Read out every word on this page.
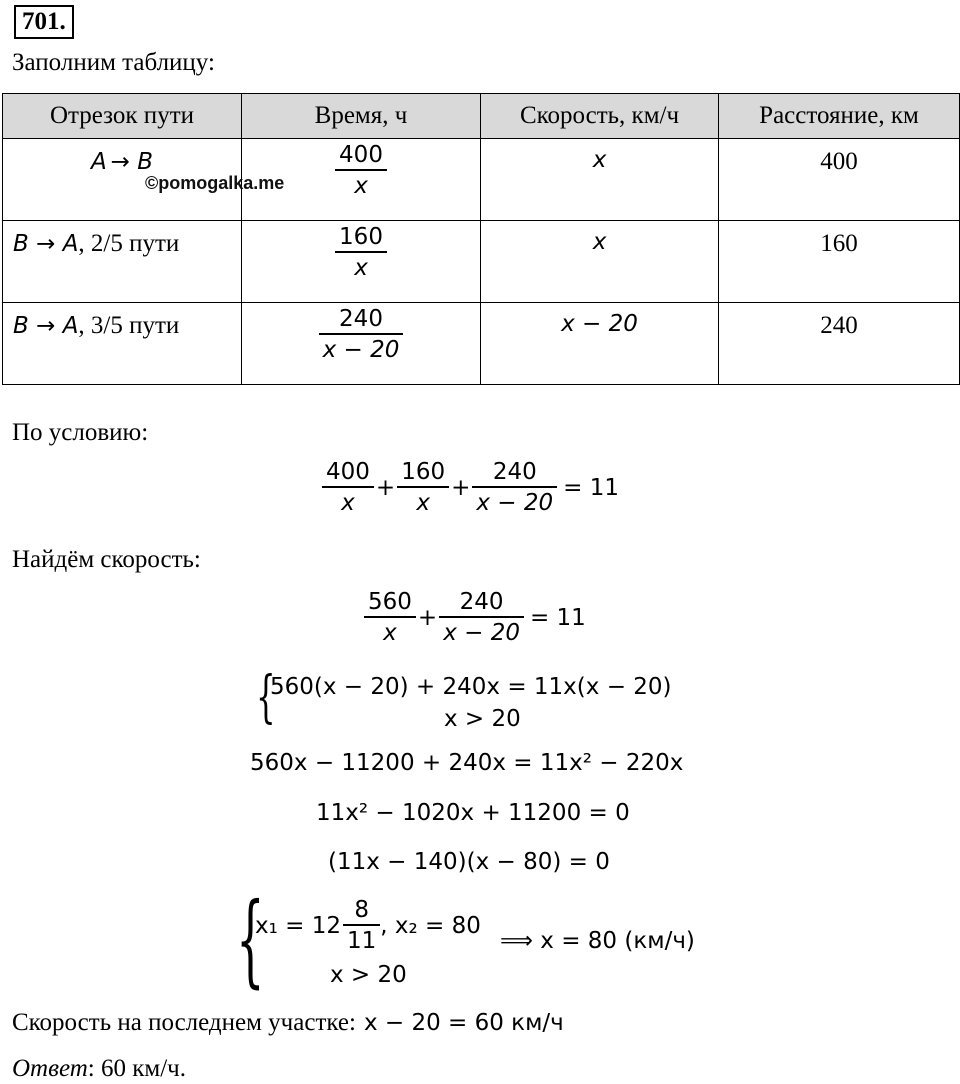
701.
Заполним таблицу:
Отрезок пути	Время, ч	Скорость, км/ч	Расстояние, км
A → B	$\frac{400}{x}$	x	400
B → A, 2/5 пути	$\frac{160}{x}$	x	160
B → A, 3/5 пути	$\frac{240}{x - 20}$	x − 20	240
©pomogalka.me
По условию:
$\frac{400}{x} + \frac{160}{x} + \frac{240}{x - 20} = 11$
Найдём скорость:
$\frac{560}{x} + \frac{240}{x - 20} = 11$
{
560(x − 20) + 240x = 11x(x − 20)
x > 20
560x − 11200 + 240x = 11x² − 220x
11x² − 1020x + 11200 = 0
(11x − 140)(x − 80) = 0
{
$x_1 = 12 \frac{8}{11}$ , x₂ = 80
⟹ x = 80 (км/ч)
x > 20
Скорость на последнем участке: x − 20 = 60 км/ч
Ответ: 60 км/ч.
